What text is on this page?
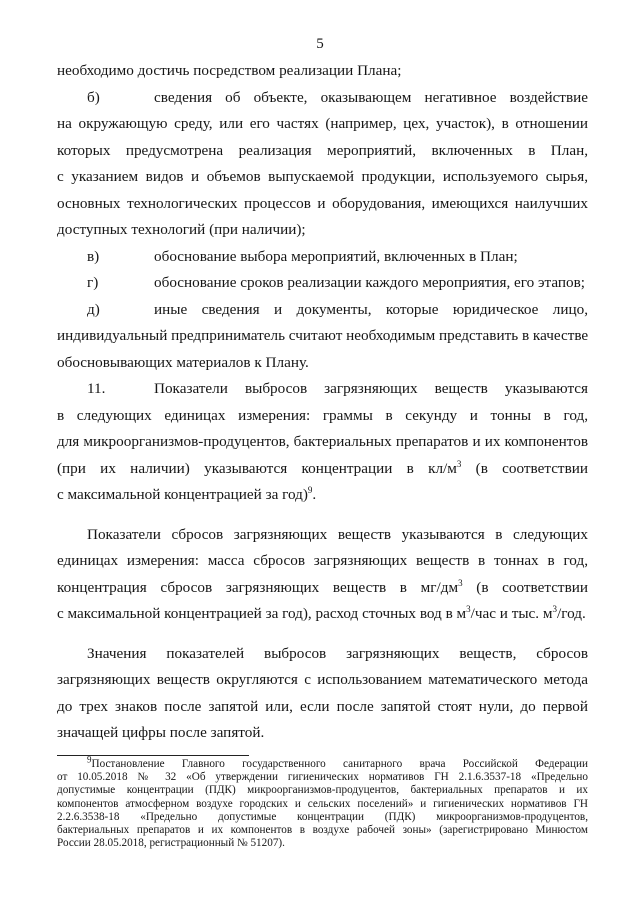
5
необходимо достичь посредством реализации Плана;
б)	сведения об объекте, оказывающем негативное воздействие
на окружающую среду, или его частях (например, цех, участок), в отношении
которых предусмотрена реализация мероприятий, включенных в План,
с указанием видов и объемов выпускаемой продукции, используемого сырья,
основных технологических процессов и оборудования, имеющихся наилучших
доступных технологий (при наличии);
в)	обоснование выбора мероприятий, включенных в План;
г)	обоснование сроков реализации каждого мероприятия, его этапов;
д)	иные сведения и документы, которые юридическое лицо,
индивидуальный предприниматель считают необходимым представить в качестве
обосновывающих материалов к Плану.
11.	Показатели выбросов загрязняющих веществ указываются
в следующих единицах измерения: граммы в секунду и тонны в год,
для микроорганизмов-продуцентов, бактериальных препаратов и их компонентов
(при их наличии) указываются концентрации в $кл/м^3$ (в соответствии
с максимальной концентрацией за год)$^9$.
Показатели сбросов загрязняющих веществ указываются в следующих
единицах измерения: масса сбросов загрязняющих веществ в тоннах в год,
концентрация сбросов загрязняющих веществ в $мг/дм^3$ (в соответствии
с максимальной концентрацией за год), расход сточных вод в $м^3$/час и тыс. $м^3$/год.
Значения показателей выбросов загрязняющих веществ, сбросов
загрязняющих веществ округляются с использованием математического метода
до трех знаков после запятой или, если после запятой стоят нули, до первой
значащей цифры после запятой.
$^9$Постановление Главного государственного санитарного врача Российской Федерации
от 10.05.2018 № 32 «Об утверждении гигиенических нормативов ГН 2.1.6.3537-18 «Предельно
допустимые концентрации (ПДК) микроорганизмов-продуцентов, бактериальных препаратов и их
компонентов атмосферном воздухе городских и сельских поселений» и гигиенических нормативов ГН
2.2.6.3538-18 «Предельно допустимые концентрации (ПДК) микроорганизмов-продуцентов,
бактериальных препаратов и их компонентов в воздухе рабочей зоны» (зарегистрировано Минюстом
России 28.05.2018, регистрационный № 51207).
